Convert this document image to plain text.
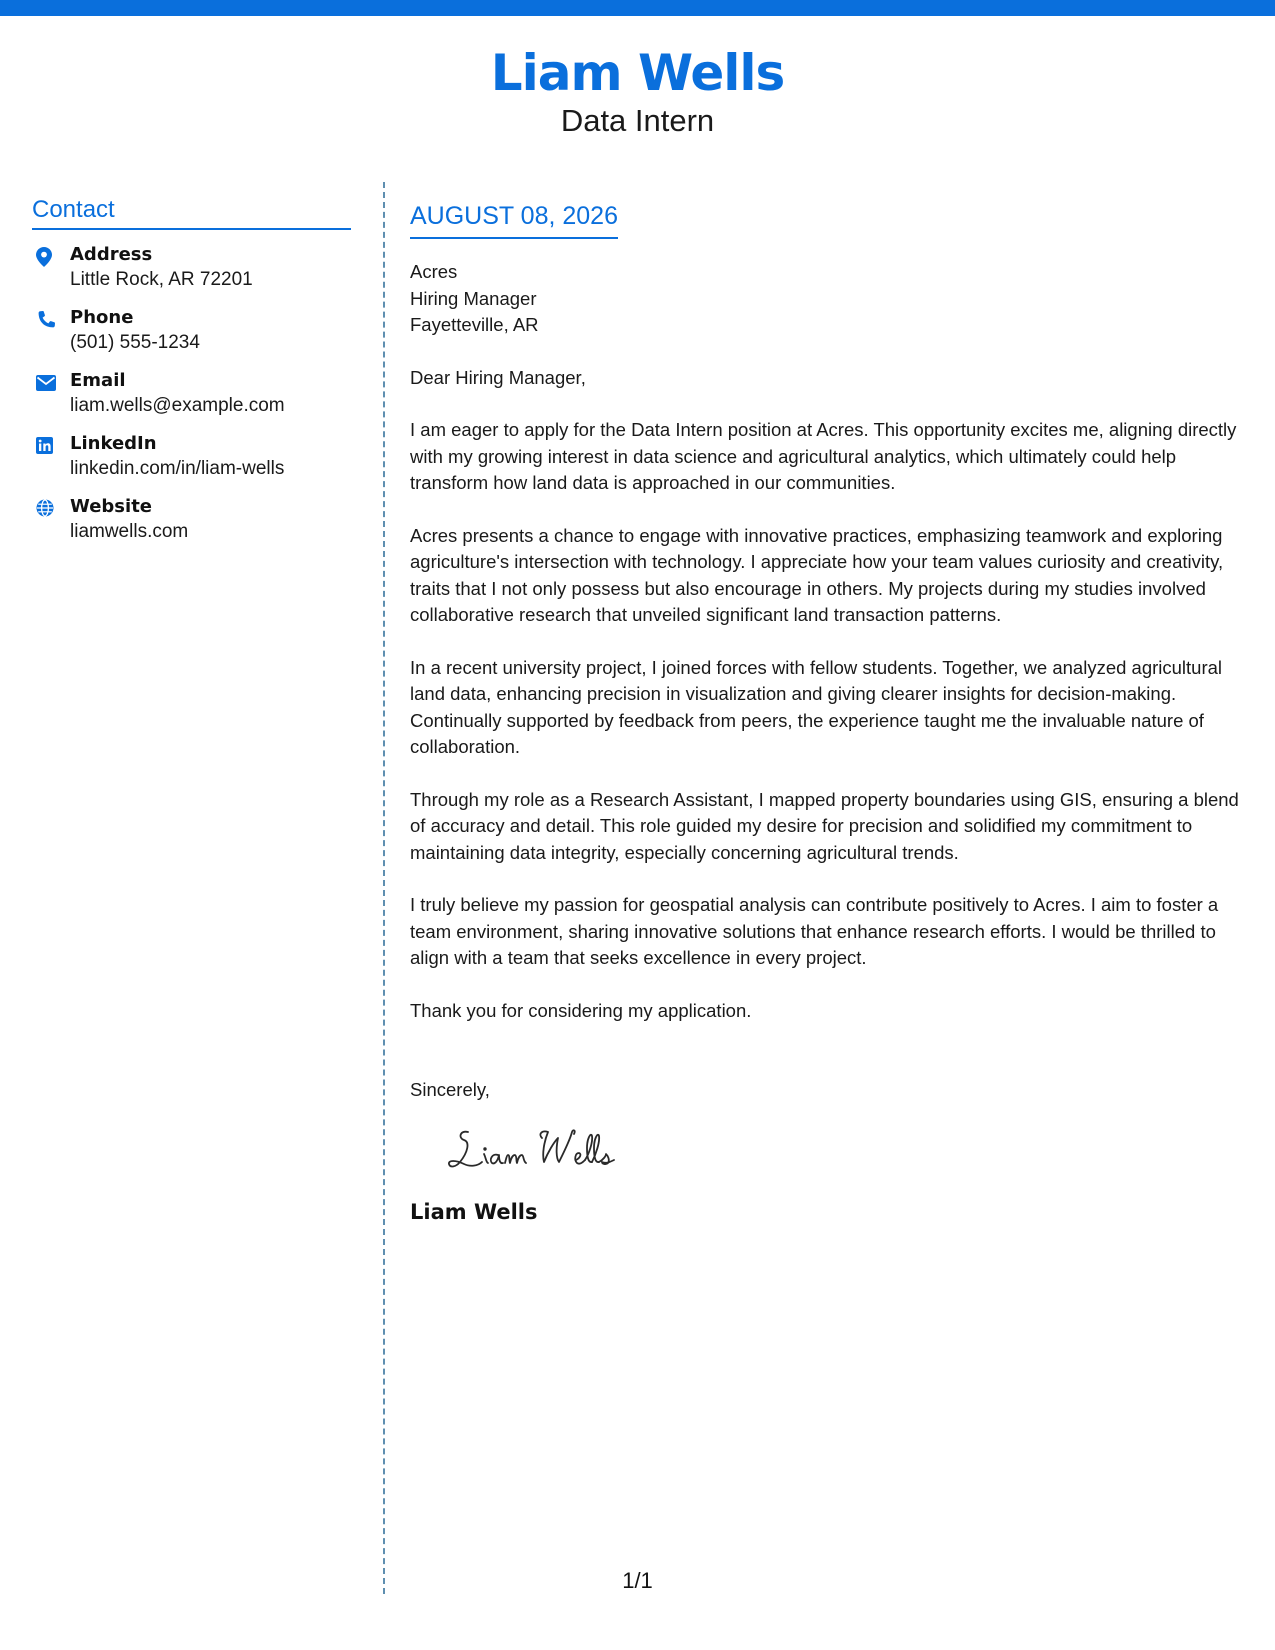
Liam Wells
Data Intern
Contact
Address
Little Rock, AR 72201
Phone
(501) 555-1234
Email
liam.wells@example.com
LinkedIn
linkedin.com/in/liam-wells
Website
liamwells.com
AUGUST 08, 2026
Acres
Hiring Manager
Fayetteville, AR
Dear Hiring Manager,
I am eager to apply for the Data Intern position at Acres. This opportunity excites me, aligning directly with my growing interest in data science and agricultural analytics, which ultimately could help transform how land data is approached in our communities.
Acres presents a chance to engage with innovative practices, emphasizing teamwork and exploring agriculture's intersection with technology. I appreciate how your team values curiosity and creativity, traits that I not only possess but also encourage in others. My projects during my studies involved collaborative research that unveiled significant land transaction patterns.
In a recent university project, I joined forces with fellow students. Together, we analyzed agricultural land data, enhancing precision in visualization and giving clearer insights for decision-making. Continually supported by feedback from peers, the experience taught me the invaluable nature of collaboration.
Through my role as a Research Assistant, I mapped property boundaries using GIS, ensuring a blend of accuracy and detail. This role guided my desire for precision and solidified my commitment to maintaining data integrity, especially concerning agricultural trends.
I truly believe my passion for geospatial analysis can contribute positively to Acres. I aim to foster a team environment, sharing innovative solutions that enhance research efforts. I would be thrilled to align with a team that seeks excellence in every project.
Thank you for considering my application.
Sincerely,
Liam Wells
1/1
